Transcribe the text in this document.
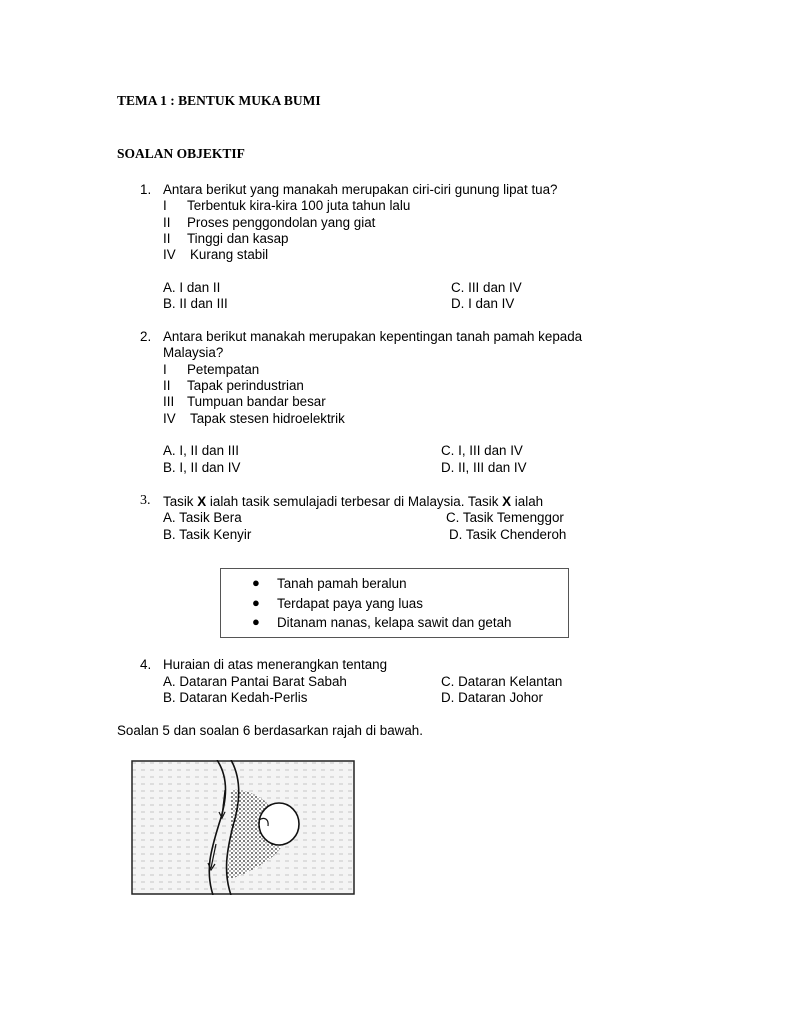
TEMA 1 : BENTUK MUKA BUMI
SOALAN OBJEKTIF
1. Antara berikut yang manakah merupakan ciri-ciri gunung lipat tua?
I Terbentuk kira-kira 100 juta tahun lalu
II Proses penggondolan yang giat
II Tinggi dan kasap
IV Kurang stabil
A. I dan II	C. III dan IV
B. II dan III	D. I dan IV
2. Antara berikut manakah merupakan kepentingan tanah pamah kepada
Malaysia?
I Petempatan
II Tapak perindustrian
III Tumpuan bandar besar
IV Tapak stesen hidroelektrik
A. I, II dan III	C. I, III dan IV
B. I, II dan IV	D. II, III dan IV
3. Tasik X ialah tasik semulajadi terbesar di Malaysia. Tasik X ialah
A. Tasik Bera	C. Tasik Temenggor
B. Tasik Kenyir	D. Tasik Chenderoh
● Tanah pamah beralun
● Terdapat paya yang luas
● Ditanam nanas, kelapa sawit dan getah
4. Huraian di atas menerangkan tentang
A. Dataran Pantai Barat Sabah	C. Dataran Kelantan
B. Dataran Kedah-Perlis	D. Dataran Johor
Soalan 5 dan soalan 6 berdasarkan rajah di bawah.
